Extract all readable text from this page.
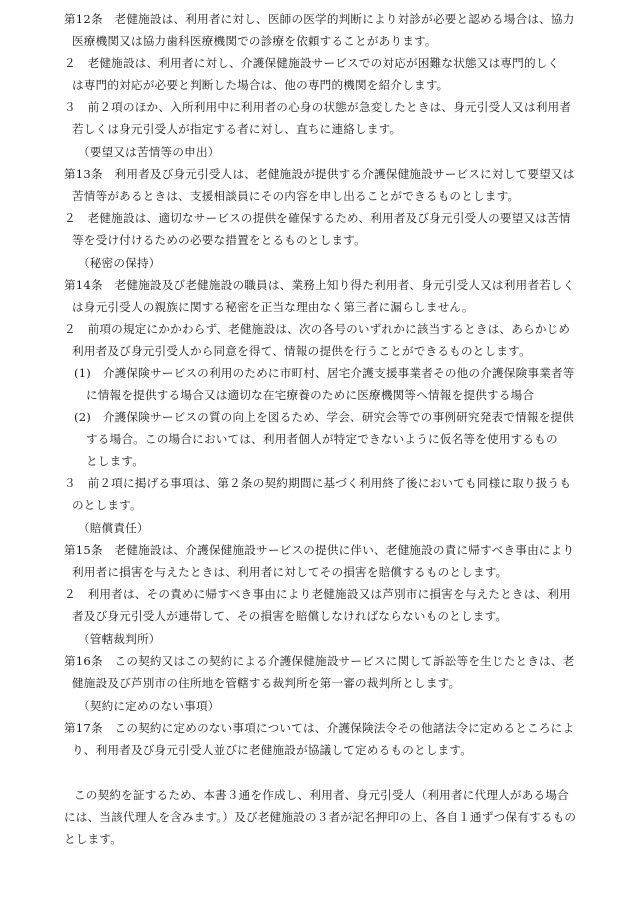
第12条　老健施設は、利用者に対し、医師の医学的判断により対診が必要と認める場合は、協力
医療機関又は協力歯科医療機関での診療を依頼することがあります。
２　老健施設は、利用者に対し、介護保健施設サービスでの対応が困難な状態又は専門的しく
は専門的対応が必要と判断した場合は、他の専門的機関を紹介します。
３　前２項のほか、入所利用中に利用者の心身の状態が急変したときは、身元引受人又は利用者
若しくは身元引受人が指定する者に対し、直ちに連絡します。
（要望又は苦情等の申出）
第13条　利用者及び身元引受人は、老健施設が提供する介護保健施設サービスに対して要望又は
苦情等があるときは、支援相談員にその内容を申し出ることができるものとします。
２　老健施設は、適切なサービスの提供を確保するため、利用者及び身元引受人の要望又は苦情
等を受け付けるための必要な措置をとるものとします。
（秘密の保持）
第14条　老健施設及び老健施設の職員は、業務上知り得た利用者、身元引受人又は利用者若しく
は身元引受人の親族に関する秘密を正当な理由なく第三者に漏らしません。
２　前項の規定にかかわらず、老健施設は、次の各号のいずれかに該当するときは、あらかじめ
利用者及び身元引受人から同意を得て、情報の提供を行うことができるものとします。
(1)　介護保険サービスの利用のために市町村、居宅介護支援事業者その他の介護保険事業者等
に情報を提供する場合又は適切な在宅療養のために医療機関等へ情報を提供する場合
(2)　介護保険サービスの質の向上を図るため、学会、研究会等での事例研究発表で情報を提供
する場合。この場合においては、利用者個人が特定できないように仮名等を使用するもの
とします。
３　前２項に掲げる事項は、第２条の契約期間に基づく利用終了後においても同様に取り扱うも
のとします。
（賠償責任）
第15条　老健施設は、介護保健施設サービスの提供に伴い、老健施設の責に帰すべき事由により
利用者に損害を与えたときは、利用者に対してその損害を賠償するものとします。
２　利用者は、その責めに帰すべき事由により老健施設又は芦別市に損害を与えたときは、利用
者及び身元引受人が連帯して、その損害を賠償しなければならないものとします。
（管轄裁判所）
第16条　この契約又はこの契約による介護保健施設サービスに関して訴訟等を生じたときは、老
健施設及び芦別市の住所地を管轄する裁判所を第一審の裁判所とします。
（契約に定めのない事項）
第17条　この契約に定めのない事項については、介護保険法令その他諸法令に定めるところによ
り、利用者及び身元引受人並びに老健施設が協議して定めるものとします。
この契約を証するため、本書３通を作成し、利用者、身元引受人（利用者に代理人がある場合
には、当該代理人を含みます。）及び老健施設の３者が記名押印の上、各自１通ずつ保有するもの
とします。
